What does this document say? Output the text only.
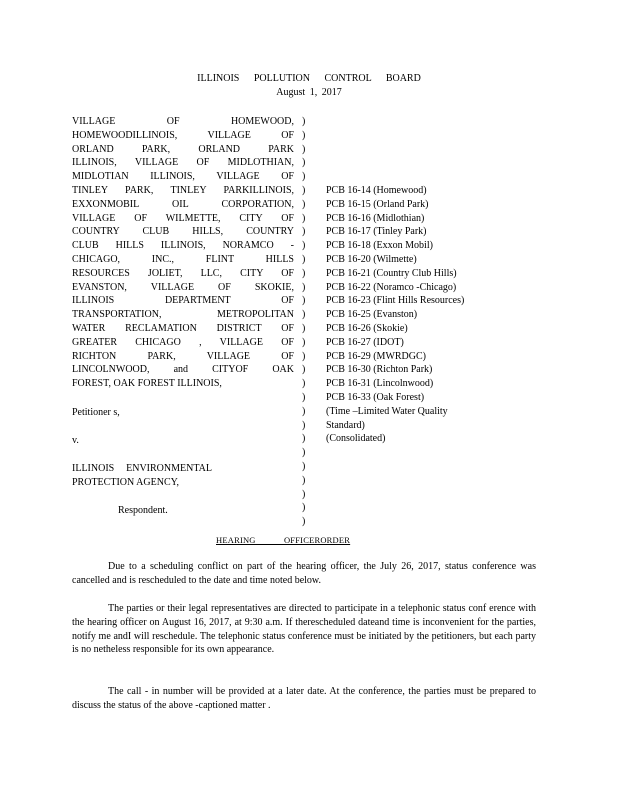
ILLINOIS POLLUTION CONTROL BOARD
August 1, 2017
VILLAGE OF HOMEWOOD,
HOMEWOODILLINOIS, VILLAGE OF
ORLAND PARK, ORLAND PARK
ILLINOIS, VILLAGE OF MIDLOTHIAN,
MIDLOTIAN ILLINOIS, VILLAGE OF
TINLEY PARK, TINLEY PARKILLINOIS,
EXXONMOBIL OIL CORPORATION,
VILLAGE OF WILMETTE, CITY OF
COUNTRY CLUB HILLS, COUNTRY
CLUB HILLS ILLINOIS, NORAMCO -
CHICAGO, INC., FLINT HILLS
RESOURCES JOLIET, LLC, CITY OF
EVANSTON, VILLAGE OF SKOKIE,
ILLINOIS DEPARTMENT OF
TRANSPORTATION, METROPOLITAN
WATER RECLAMATION DISTRICT OF
GREATER CHICAGO , VILLAGE OF
RICHTON PARK, VILLAGE OF
LINCOLNWOOD, and CITYOF OAK
FOREST, OAK FOREST ILLINOIS,
Petitioner s,
v.
ILLINOIS ENVIRONMENTAL
PROTECTION AGENCY,
Respondent.
)
)
)
)
)
)
)
)
)
)
)
)
)
)
)
)
)
)
)
)
)
)
)
)
)
)
)
)
)
)
PCB 16-14 (Homewood)
PCB 16-15 (Orland Park)
PCB 16-16 (Midlothian)
PCB 16-17 (Tinley Park)
PCB 16-18 (Exxon Mobil)
PCB 16-20 (Wilmette)
PCB 16-21 (Country Club Hills)
PCB 16-22 (Noramco -Chicago)
PCB 16-23 (Flint Hills Resources)
PCB 16-25 (Evanston)
PCB 16-26 (Skokie)
PCB 16-27 (IDOT)
PCB 16-29 (MWRDGC)
PCB 16-30 (Richton Park)
PCB 16-31 (Lincolnwood)
PCB 16-33 (Oak Forest)
(Time –Limited Water Quality
Standard)
(Consolidated)
HEARING OFFICERORDER

Due to a scheduling conflict on part of the hearing officer, the July 26, 2017, status conference was cancelled and is rescheduled to the date and time noted below.

The parties or their legal representatives are directed to participate in a telephonic status conf erence with the hearing officer on August 16, 2017, at 9:30 a.m. If therescheduled dateand time is inconvenient for the parties, notify me andI will reschedule. The telephonic status conference must be initiated by the petitioners, but each party is no netheless responsible for its own appearance.

The call - in number will be provided at a later date. At the conference, the parties must be prepared to discuss the status of the above -captioned matter .
